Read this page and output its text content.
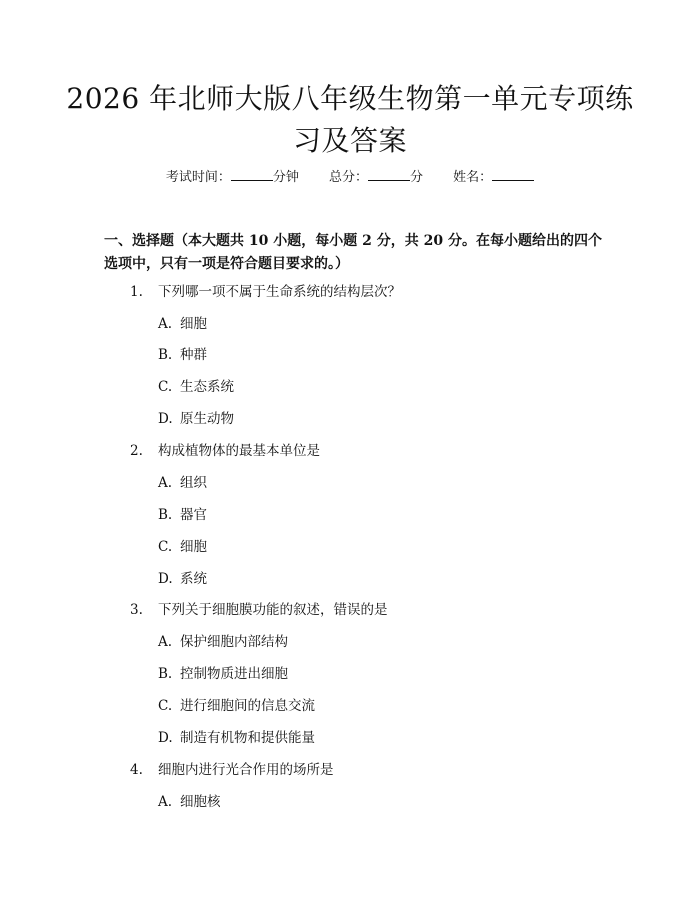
2026 年北师大版八年级生物第一单元专项练习及答案
考试时间：	分钟 总分：	分 姓名：
一、选择题（本大题共 10 小题，每小题 2 分，共 20 分。在每小题给出的四个选项中，只有一项是符合题目要求的。）
1. 下列哪一项不属于生命系统的结构层次？
A. 细胞
B. 种群
C. 生态系统
D. 原生动物
2. 构成植物体的最基本单位是
A. 组织
B. 器官
C. 细胞
D. 系统
3. 下列关于细胞膜功能的叙述，错误的是
A. 保护细胞内部结构
B. 控制物质进出细胞
C. 进行细胞间的信息交流
D. 制造有机物和提供能量
4. 细胞内进行光合作用的场所是
A. 细胞核
